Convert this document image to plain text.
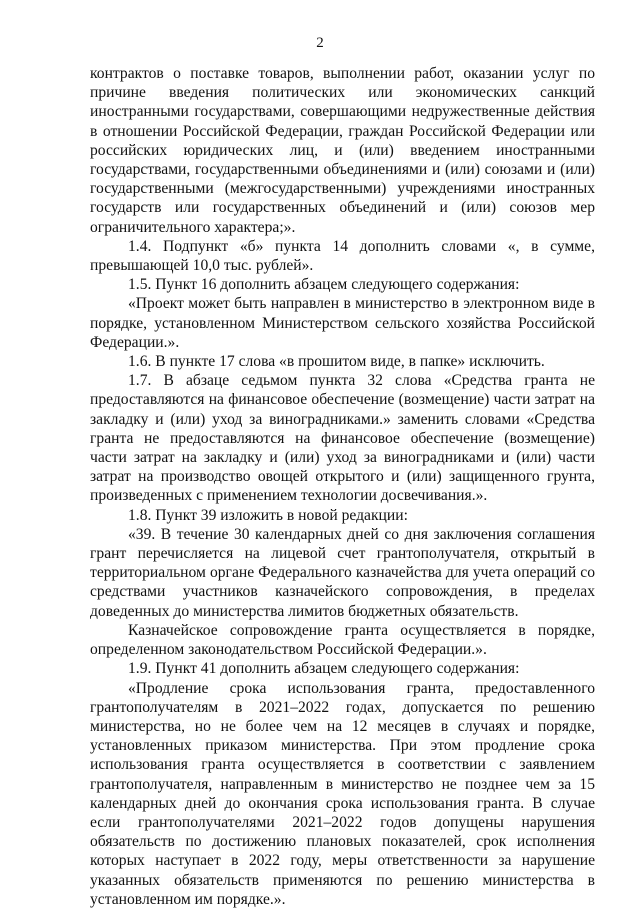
2

контрактов о поставке товаров, выполнении работ, оказании услуг по причине введения политических или экономических санкций иностранными государствами, совершающими недружественные действия в отношении Российской Федерации, граждан Российской Федерации или российских юридических лиц, и (или) введением иностранными государствами, государственными объединениями и (или) союзами и (или) государственными (межгосударственными) учреждениями иностранных государств или государственных объединений и (или) союзов мер ограничительного характера;».

1.4. Подпункт «б» пункта 14 дополнить словами «, в сумме, превышающей 10,0 тыс. рублей».

1.5. Пункт 16 дополнить абзацем следующего содержания:

«Проект может быть направлен в министерство в электронном виде в порядке, установленном Министерством сельского хозяйства Российской Федерации.».

1.6. В пункте 17 слова «в прошитом виде, в папке» исключить.

1.7. В абзаце седьмом пункта 32 слова «Средства гранта не предоставляются на финансовое обеспечение (возмещение) части затрат на закладку и (или) уход за виноградниками.» заменить словами «Средства гранта не предоставляются на финансовое обеспечение (возмещение) части затрат на закладку и (или) уход за виноградниками и (или) части затрат на производство овощей открытого и (или) защищенного грунта, произведенных с применением технологии досвечивания.».

1.8. Пункт 39 изложить в новой редакции:

«39. В течение 30 календарных дней со дня заключения соглашения грант перечисляется на лицевой счет грантополучателя, открытый в территориальном органе Федерального казначейства для учета операций со средствами участников казначейского сопровождения, в пределах доведенных до министерства лимитов бюджетных обязательств.

Казначейское сопровождение гранта осуществляется в порядке, определенном законодательством Российской Федерации.».

1.9. Пункт 41 дополнить абзацем следующего содержания:

«Продление срока использования гранта, предоставленного грантополучателям в 2021–2022 годах, допускается по решению министерства, но не более чем на 12 месяцев в случаях и порядке, установленных приказом министерства. При этом продление срока использования гранта осуществляется в соответствии с заявлением грантополучателя, направленным в министерство не позднее чем за 15 календарных дней до окончания срока использования гранта. В случае если грантополучателями 2021–2022 годов допущены нарушения обязательств по достижению плановых показателей, срок исполнения которых наступает в 2022 году, меры ответственности за нарушение указанных обязательств применяются по решению министерства в установленном им порядке.».
